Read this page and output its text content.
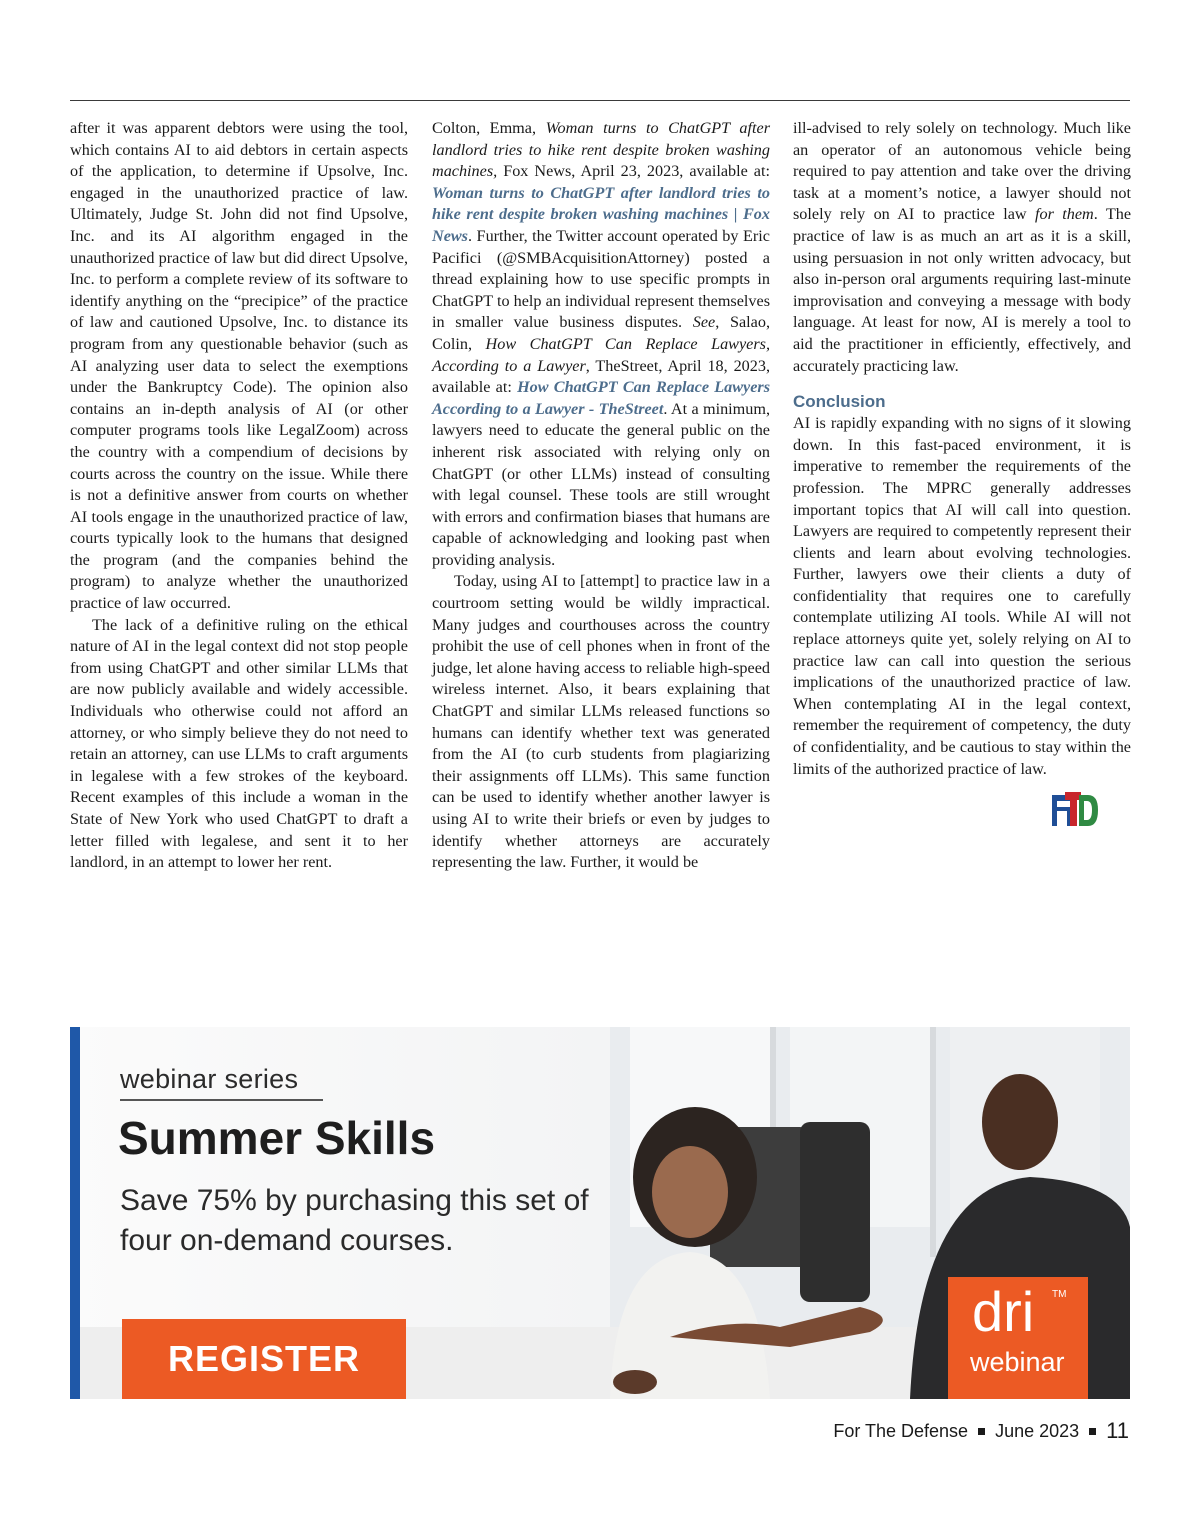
after it was apparent debtors were using the tool, which contains AI to aid debtors in certain aspects of the application, to determine if Upsolve, Inc. engaged in the unauthorized practice of law. Ultimately, Judge St. John did not find Upsolve, Inc. and its AI algorithm engaged in the unauthorized practice of law but did direct Upsolve, Inc. to perform a complete review of its software to identify anything on the “precipice” of the practice of law and cautioned Upsolve, Inc. to distance its program from any questionable behavior (such as AI analyzing user data to select the exemptions under the Bankruptcy Code). The opinion also contains an in-depth analysis of AI (or other computer programs tools like LegalZoom) across the country with a compendium of decisions by courts across the country on the issue. While there is not a definitive answer from courts on whether AI tools engage in the unauthorized practice of law, courts typically look to the humans that designed the program (and the companies behind the program) to analyze whether the unauthorized practice of law occurred.

The lack of a definitive ruling on the ethical nature of AI in the legal context did not stop people from using ChatGPT and other similar LLMs that are now publicly available and widely accessible. Individuals who otherwise could not afford an attorney, or who simply believe they do not need to retain an attorney, can use LLMs to craft arguments in legalese with a few strokes of the keyboard. Recent examples of this include a woman in the State of New York who used ChatGPT to draft a letter filled with legalese, and sent it to her landlord, in an attempt to lower her rent.

Colton, Emma, Woman turns to ChatGPT after landlord tries to hike rent despite broken washing machines, Fox News, April 23, 2023, available at: Woman turns to ChatGPT after landlord tries to hike rent despite broken washing machines | Fox News. Further, the Twitter account operated by Eric Pacifici (@SMBAcquisitionAttorney) posted a thread explaining how to use specific prompts in ChatGPT to help an individual represent themselves in smaller value business disputes. See, Salao, Colin, How ChatGPT Can Replace Lawyers, According to a Lawyer, TheStreet, April 18, 2023, available at: How ChatGPT Can Replace Lawyers According to a Lawyer - TheStreet. At a minimum, lawyers need to educate the general public on the inherent risk associated with relying only on ChatGPT (or other LLMs) instead of consulting with legal counsel. These tools are still wrought with errors and confirmation biases that humans are capable of acknowledging and looking past when providing analysis.

Today, using AI to [attempt] to practice law in a courtroom setting would be wildly impractical. Many judges and courthouses across the country prohibit the use of cell phones when in front of the judge, let alone having access to reliable high-speed wireless internet. Also, it bears explaining that ChatGPT and similar LLMs released functions so humans can identify whether text was generated from the AI (to curb students from plagiarizing their assignments off LLMs). This same function can be used to identify whether another lawyer is using AI to write their briefs or even by judges to identify whether attorneys are accurately representing the law. Further, it would be

ill-advised to rely solely on technology. Much like an operator of an autonomous vehicle being required to pay attention and take over the driving task at a moment’s notice, a lawyer should not solely rely on AI to practice law for them. The practice of law is as much an art as it is a skill, using persuasion in not only written advocacy, but also in-person oral arguments requiring last-minute improvisation and conveying a message with body language. At least for now, AI is merely a tool to aid the practitioner in efficiently, effectively, and accurately practicing law.

Conclusion

AI is rapidly expanding with no signs of it slowing down. In this fast-paced environment, it is imperative to remember the requirements of the profession. The MPRC generally addresses important topics that AI will call into question. Lawyers are required to competently represent their clients and learn about evolving technologies. Further, lawyers owe their clients a duty of confidentiality that requires one to carefully contemplate utilizing AI tools. While AI will not replace attorneys quite yet, solely relying on AI to practice law can call into question the serious implications of the unauthorized practice of law. When contemplating AI in the legal context, remember the requirement of competency, the duty of confidentiality, and be cautious to stay within the limits of the authorized practice of law.

webinar series
Summer Skills
Save 75% by purchasing this set of four on-demand courses.
REGISTER
dri TM
webinar
For The Defense June 2023 11
